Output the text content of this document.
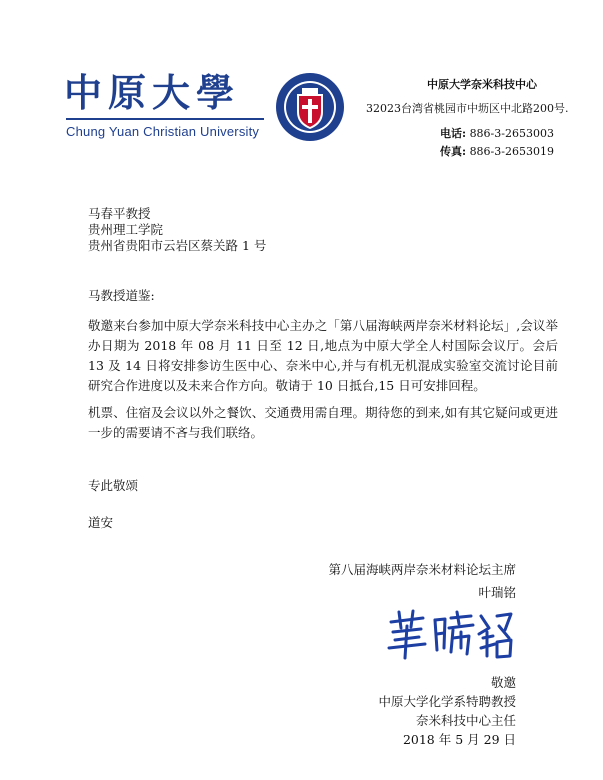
中原大學
Chung Yuan Christian University
中原大学奈米科技中心
32023台湾省桃园市中坜区中北路200号.
电话: 886-3-2653003
传真: 886-3-2653019
马春平教授
贵州理工学院
贵州省贵阳市云岩区蔡关路 1 号
马教授道鉴:
敬邀来台参加中原大学奈米科技中心主办之「第八届海峡两岸奈米材料论坛」,会议举办日期为 2018 年 08 月 11 日至 12 日,地点为中原大学全人村国际会议厅。会后 13 及 14 日将安排参访生医中心、奈米中心,并与有机无机混成实验室交流讨论目前研究合作进度以及未来合作方向。敬请于 10 日抵台,15 日可安排回程。
机票、住宿及会议以外之餐饮、交通费用需自理。期待您的到来,如有其它疑问或更进一步的需要请不吝与我们联络。
专此敬颂
道安
第八届海峡两岸奈米材料论坛主席
叶瑞铭
敬邀
中原大学化学系特聘教授
奈米科技中心主任
2018 年 5 月 29 日
